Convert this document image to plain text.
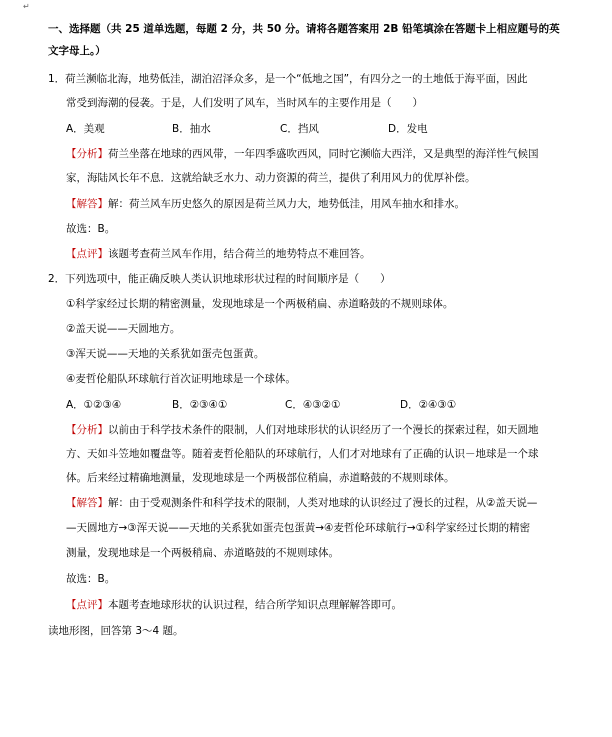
↵
一、选择题（共 25 道单选题，每题 2 分，共 50 分。请将各题答案用 2B 铅笔填涂在答题卡上相应题号的英
文字母上。）
1．荷兰濒临北海，地势低洼，湖泊沼泽众多，是一个“低地之国”，有四分之一的土地低于海平面，因此
常受到海潮的侵袭。于是，人们发明了风车，当时风车的主要作用是（　　）
A．美观	B．抽水	C．挡风	D．发电
【分析】荷兰坐落在地球的西风带，一年四季盛吹西风，同时它濒临大西洋，又是典型的海洋性气候国
家，海陆风长年不息．这就给缺乏水力、动力资源的荷兰，提供了利用风力的优厚补偿。
【解答】解：荷兰风车历史悠久的原因是荷兰风力大，地势低洼，用风车抽水和排水。
故选：B。
【点评】该题考查荷兰风车作用，结合荷兰的地势特点不难回答。
2．下列选项中，能正确反映人类认识地球形状过程的时间顺序是（　　）
①科学家经过长期的精密测量，发现地球是一个两极稍扁、赤道略鼓的不规则球体。
②盖天说——天圆地方。
③浑天说——天地的关系犹如蛋壳包蛋黄。
④麦哲伦船队环球航行首次证明地球是一个球体。
A．①②③④	B．②③④①	C．④③②①	D．②④③①
【分析】以前由于科学技术条件的限制，人们对地球形状的认识经历了一个漫长的探索过程，如天圆地
方、天如斗笠地如覆盘等。随着麦哲伦船队的环球航行，人们才对地球有了正确的认识－地球是一个球
体。后来经过精确地测量，发现地球是一个两极部位稍扁，赤道略鼓的不规则球体。
【解答】解：由于受观测条件和科学技术的限制，人类对地球的认识经过了漫长的过程，从②盖天说—
—天圆地方→③浑天说——天地的关系犹如蛋壳包蛋黄→④麦哲伦环球航行→①科学家经过长期的精密
测量，发现地球是一个两极稍扁、赤道略鼓的不规则球体。
故选：B。
【点评】本题考查地球形状的认识过程，结合所学知识点理解解答即可。
读地形图，回答第 3～4 题。
